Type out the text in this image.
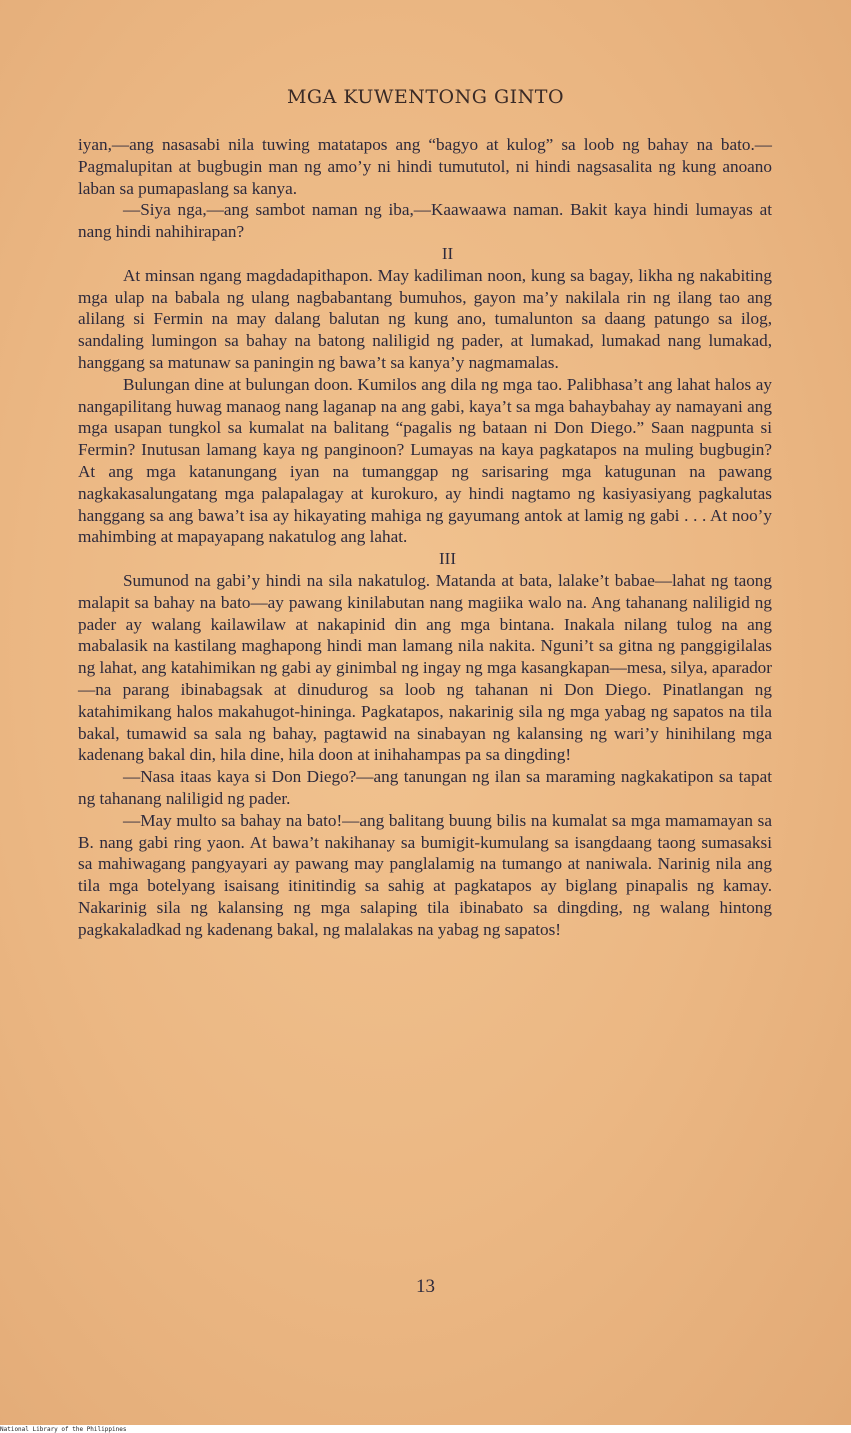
MGA KUWENTONG GINTO

iyan,—ang nasasabi nila tuwing matatapos ang “bagyo at kulog” sa loob ng bahay na bato.—Pagmalupitan at bugbugin man ng amo’y ni hindi tumututol, ni hindi nagsasalita ng kung anoano laban sa pumapaslang sa kanya.

—Siya nga,—ang sambot naman ng iba,—Kaawaawa naman. Bakit kaya hindi lumayas at nang hindi nahihirapan?

II

At minsan ngang magdadapithapon. May kadiliman noon, kung sa bagay, likha ng nakabiting mga ulap na babala ng ulang nagbabantang bumuhos, gayon ma’y nakilala rin ng ilang tao ang alilang si Fermin na may dalang balutan ng kung ano, tumalunton sa daang patungo sa ilog, sandaling lumingon sa bahay na batong naliligid ng pader, at lumakad, lumakad nang lumakad, hanggang sa matunaw sa paningin ng bawa’t sa kanya’y nagmamalas.

Bulungan dine at bulungan doon. Kumilos ang dila ng mga tao. Palibhasa’t ang lahat halos ay nangapilitang huwag manaog nang laganap na ang gabi, kaya’t sa mga bahaybahay ay namayani ang mga usapan tungkol sa kumalat na balitang “pagalis ng bataan ni Don Diego.” Saan nagpunta si Fermin? Inutusan lamang kaya ng panginoon? Lumayas na kaya pagkatapos na muling bugbugin? At ang mga katanungang iyan na tumanggap ng sarisaring mga katugunan na pawang nagkakasalungatang mga palapalagay at kurokuro, ay hindi nagtamo ng kasiyasiyang pagkalutas hanggang sa ang bawa’t isa ay hikayating mahiga ng gayumang antok at lamig ng gabi . . . At noo’y mahimbing at mapayapang nakatulog ang lahat.

III

Sumunod na gabi’y hindi na sila nakatulog. Matanda at bata, lalake’t babae—lahat ng taong malapit sa bahay na bato—ay pawang kinilabutan nang magiika walo na. Ang tahanang naliligid ng pader ay walang kailawilaw at nakapinid din ang mga bintana. Inakala nilang tulog na ang mabalasik na kastilang maghapong hindi man lamang nila nakita. Nguni’t sa gitna ng panggigilalas ng lahat, ang katahimikan ng gabi ay ginimbal ng ingay ng mga kasangkapan—mesa, silya, aparador—na parang ibinabagsak at dinudurog sa loob ng tahanan ni Don Diego. Pinatlangan ng katahimikang halos makahugot-hininga. Pagkatapos, nakarinig sila ng mga yabag ng sapatos na tila bakal, tumawid sa sala ng bahay, pagtawid na sinabayan ng kalansing ng wari’y hinihilang mga kadenang bakal din, hila dine, hila doon at inihahampas pa sa dingding!

—Nasa itaas kaya si Don Diego?—ang tanungan ng ilan sa maraming nagkakatipon sa tapat ng tahanang naliligid ng pader.

—May multo sa bahay na bato!—ang balitang buung bilis na kumalat sa mga mamamayan sa B. nang gabi ring yaon. At bawa’t nakihanay sa bumigit-kumulang sa isangdaang taong sumasaksi sa mahiwagang pangyayari ay pawang may panglalamig na tumango at naniwala. Narinig nila ang tila mga botelyang isaisang itinitindig sa sahig at pagkatapos ay biglang pinapalis ng kamay. Nakarinig sila ng kalansing ng mga salaping tila ibinabato sa dingding, ng walang hintong pagkakaladkad ng kadenang bakal, ng malalakas na yabag ng sapatos!

13
National Library of the Philippines
